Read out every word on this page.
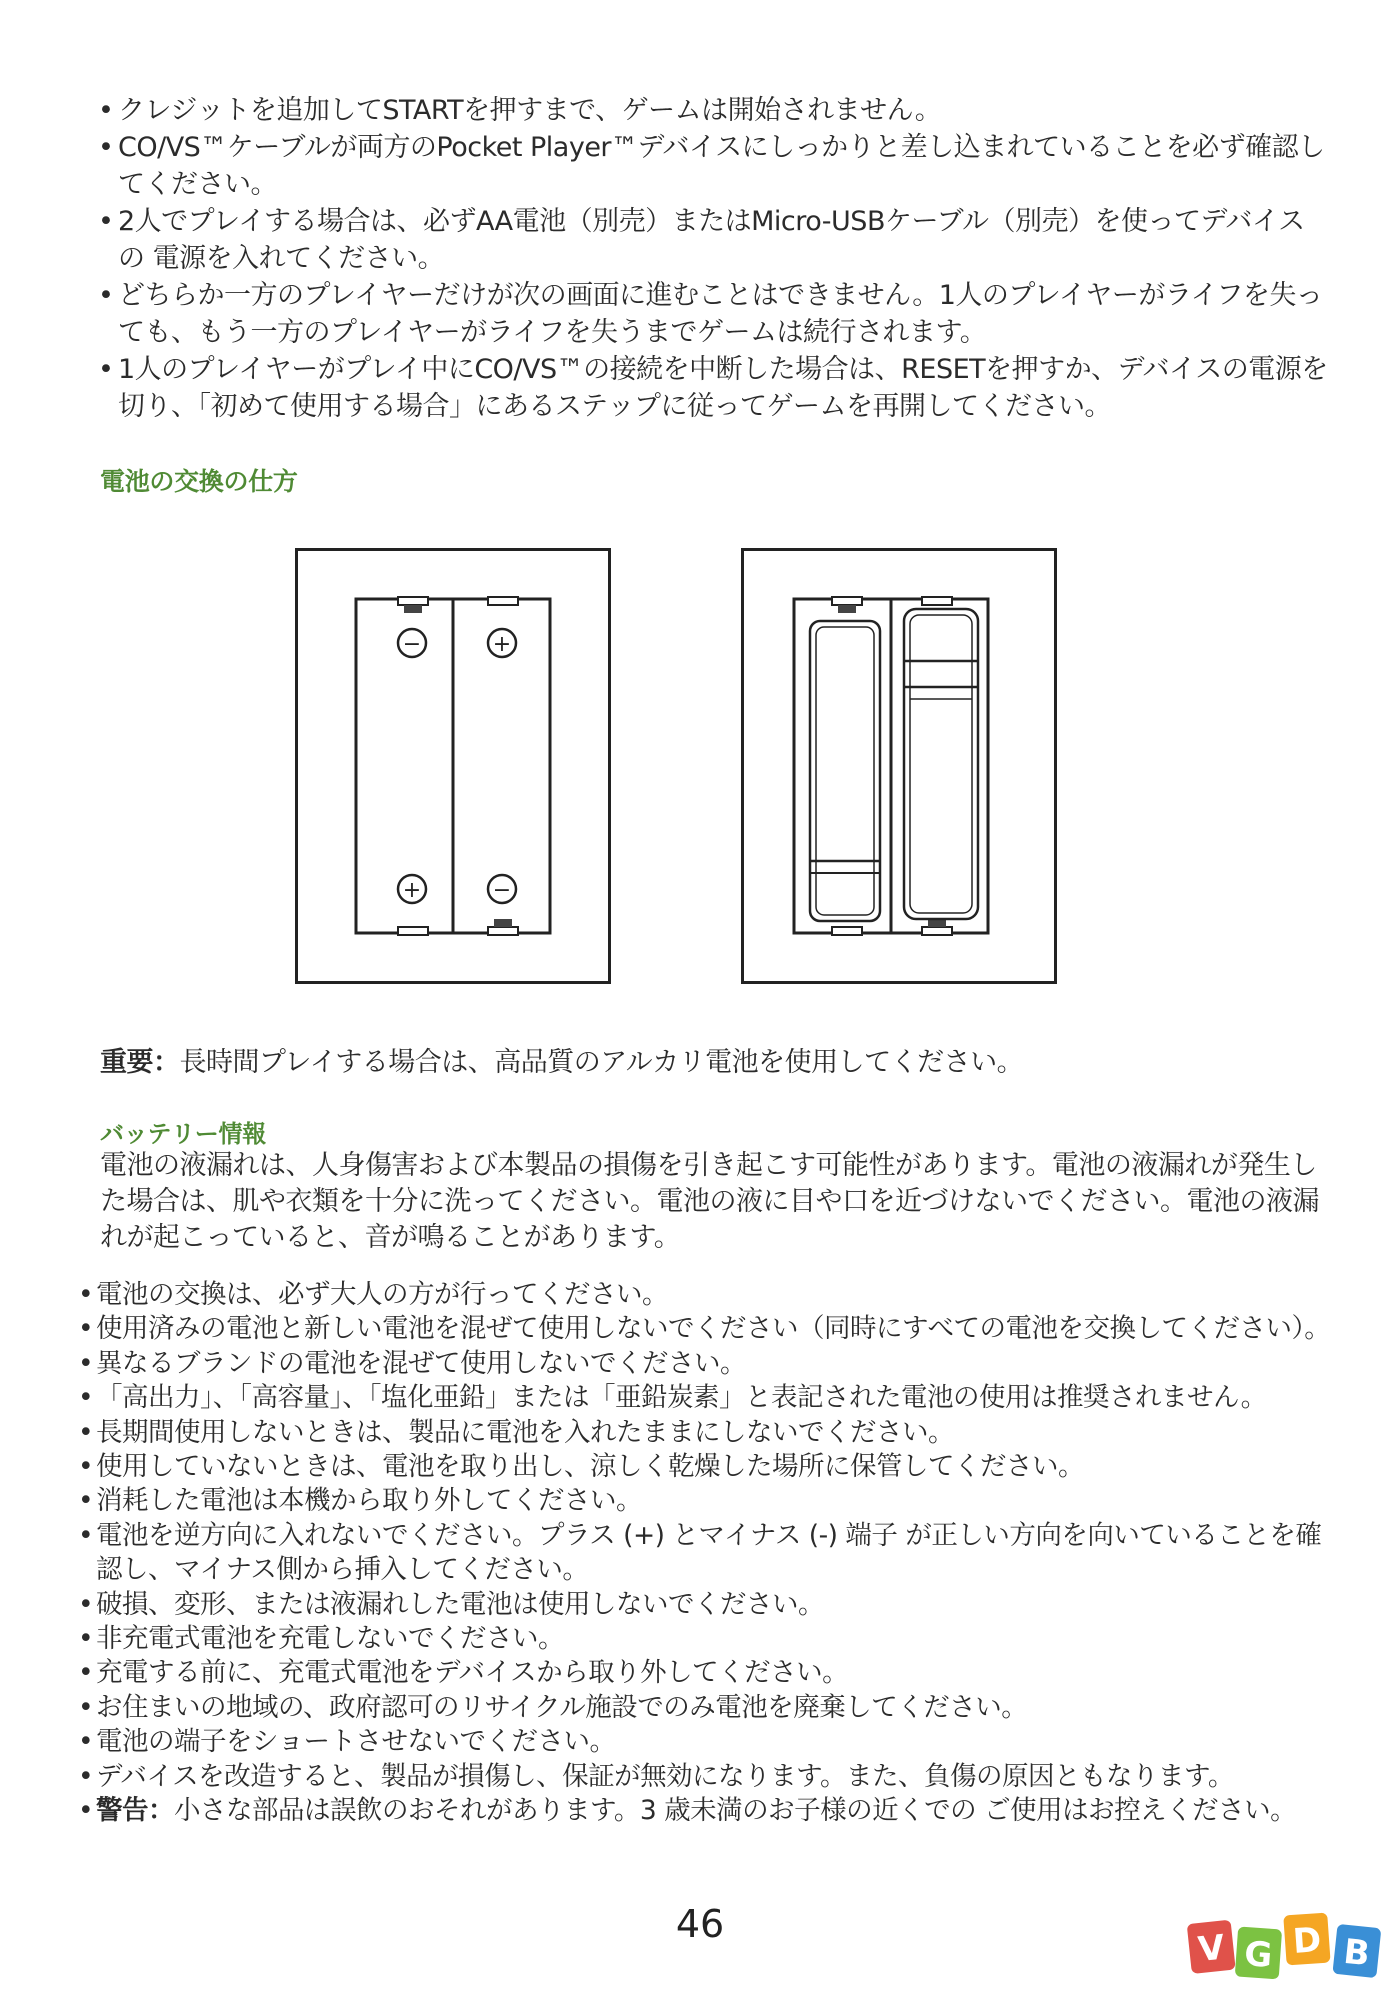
• クレジットを追加してSTARTを押すまで、ゲームは開始されません。
• CO/VS™ケーブルが両方のPocket Player™デバイスにしっかりと差し込まれていることを必ず確認してください。
• 2人でプレイする場合は、必ずAA電池（別売）またはMicro-USBケーブル（別売）を使ってデバイスの 電源を入れてください。
• どちらか一方のプレイヤーだけが次の画面に進むことはできません。1人のプレイヤーがライフを失っても、もう一方のプレイヤーがライフを失うまでゲームは続行されます。
• 1人のプレイヤーがプレイ中にCO/VS™の接続を中断した場合は、RESETを押すか、デバイスの電源を切り、「初めて使用する場合」にあるステップに従ってゲームを再開してください。
電池の交換の仕方
−	+
+	−
重要：長時間プレイする場合は、高品質のアルカリ電池を使用してください。
バッテリー情報
電池の液漏れは、人身傷害および本製品の損傷を引き起こす可能性があります。電池の液漏れが発生した場合は、肌や衣類を十分に洗ってください。電池の液に目や口を近づけないでください。電池の液漏れが起こっていると、音が鳴ることがあります。
• 電池の交換は、必ず大人の方が行ってください。
• 使用済みの電池と新しい電池を混ぜて使用しないでください（同時にすべての電池を交換してください）。
• 異なるブランドの電池を混ぜて使用しないでください。
• 「高出力」、「高容量」、「塩化亜鉛」または「亜鉛炭素」と表記された電池の使用は推奨されません。
• 長期間使用しないときは、製品に電池を入れたままにしないでください。
• 使用していないときは、電池を取り出し、涼しく乾燥した場所に保管してください。
• 消耗した電池は本機から取り外してください。
• 電池を逆方向に入れないでください。プラス (+) とマイナス (-) 端子 が正しい方向を向いていることを確認し、マイナス側から挿入してください。
• 破損、変形、または液漏れした電池は使用しないでください。
• 非充電式電池を充電しないでください。
• 充電する前に、充電式電池をデバイスから取り外してください。
• お住まいの地域の、政府認可のリサイクル施設でのみ電池を廃棄してください。
• 電池の端子をショートさせないでください。
• デバイスを改造すると、製品が損傷し、保証が無効になります。また、負傷の原因ともなります。
• 警告：小さな部品は誤飲のおそれがあります。3 歳未満のお子様の近くでの ご使用はお控えください。
46
V G D B
